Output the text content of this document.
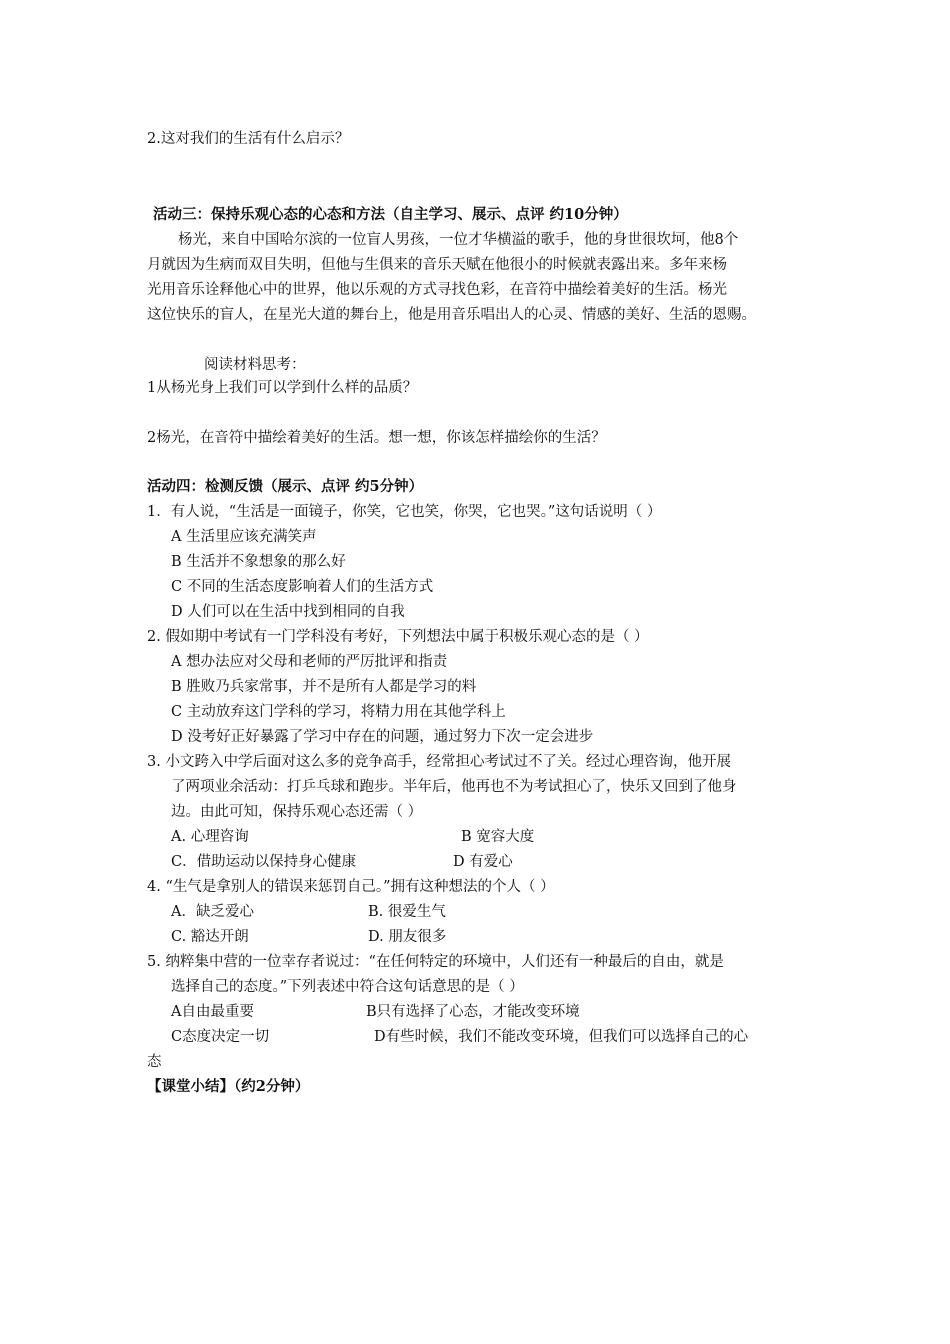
2.这对我们的生活有什么启示？
活动三：保持乐观心态的心态和方法（自主学习、展示、点评 约10分钟）
杨光，来自中国哈尔滨的一位盲人男孩，一位才华横溢的歌手，他的身世很坎坷，他8个
月就因为生病而双目失明，但他与生俱来的音乐天赋在他很小的时候就表露出来。多年来杨
光用音乐诠释他心中的世界，他以乐观的方式寻找色彩，在音符中描绘着美好的生活。杨光
这位快乐的盲人，在星光大道的舞台上，他是用音乐唱出人的心灵、情感的美好、生活的恩赐。
阅读材料思考：
1从杨光身上我们可以学到什么样的品质？
2杨光，在音符中描绘着美好的生活。想一想，你该怎样描绘你的生活？
活动四：检测反馈（展示、点评 约5分钟）
1．有人说，“生活是一面镜子，你笑，它也笑，你哭，它也哭。”这句话说明（ ）
A 生活里应该充满笑声
B 生活并不象想象的那么好
C 不同的生活态度影响着人们的生活方式
D 人们可以在生活中找到相同的自我
2. 假如期中考试有一门学科没有考好，下列想法中属于积极乐观心态的是（ ）
A 想办法应对父母和老师的严厉批评和指责
B 胜败乃兵家常事，并不是所有人都是学习的料
C 主动放弃这门学科的学习，将精力用在其他学科上
D 没考好正好暴露了学习中存在的问题，通过努力下次一定会进步
3. 小文跨入中学后面对这么多的竞争高手，经常担心考试过不了关。经过心理咨询，他开展
了两项业余活动：打乒乓球和跑步。半年后，他再也不为考试担心了，快乐又回到了他身
边。由此可知，保持乐观心态还需（ ）
A. 心理咨询	B 宽容大度
C．借助运动以保持身心健康	D 有爱心
4. “生气是拿别人的错误来惩罚自己。”拥有这种想法的个人（ ）
A．缺乏爱心	B. 很爱生气
C. 豁达开朗	D. 朋友很多
5. 纳粹集中营的一位幸存者说过：“在任何特定的环境中，人们还有一种最后的自由，就是
选择自己的态度。”下列表述中符合这句话意思的是（ ）
A自由最重要	B只有选择了心态，才能改变环境
C态度决定一切	D有些时候，我们不能改变环境，但我们可以选择自己的心
态
【课堂小结】（约2分钟）
